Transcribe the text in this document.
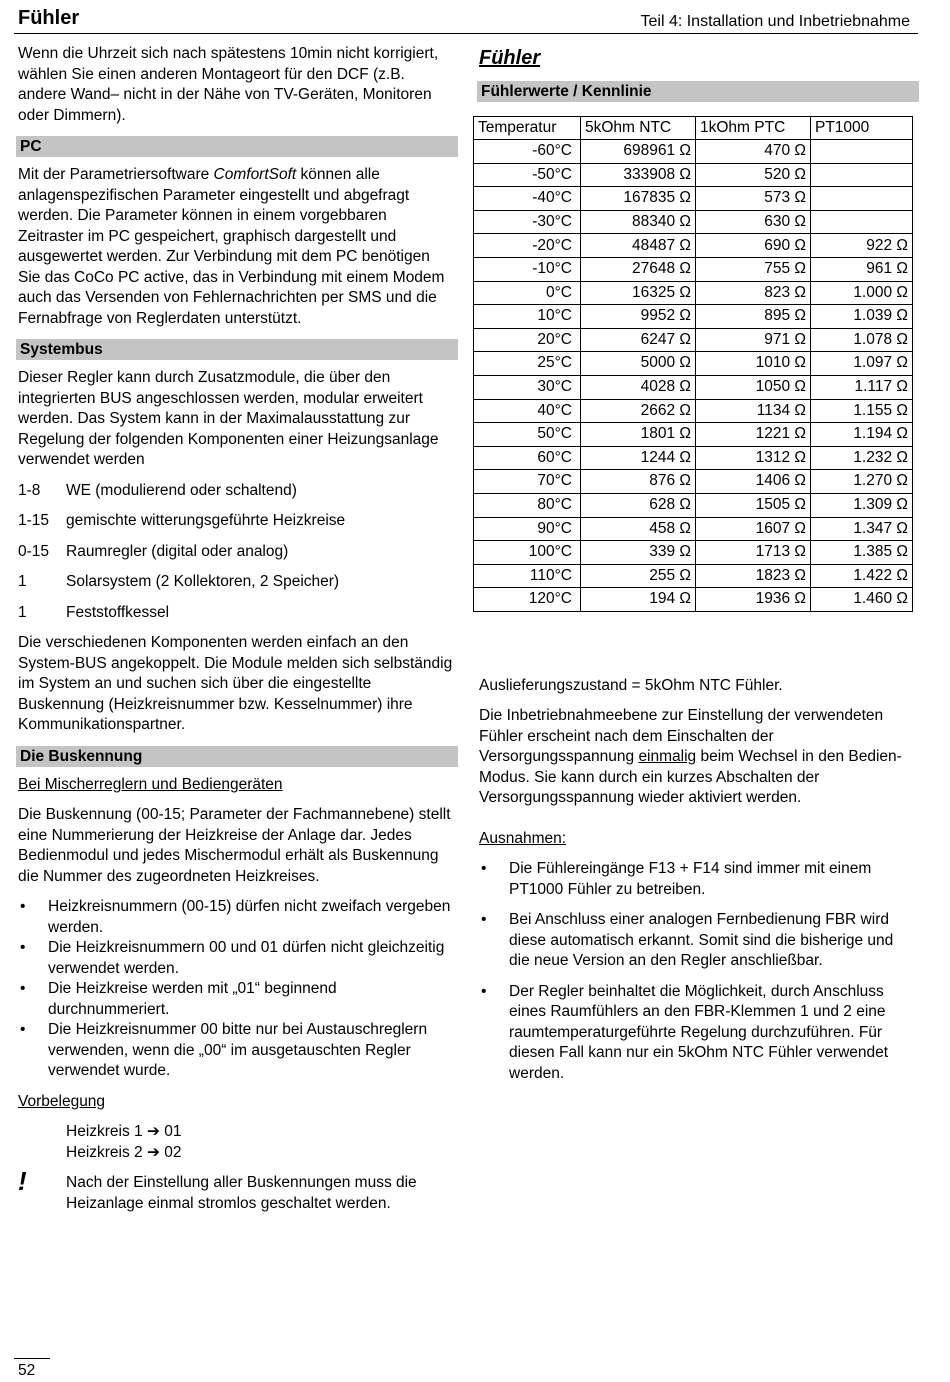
Fühler	Teil 4: Installation und Inbetriebnahme

Wenn die Uhrzeit sich nach spätestens 10min nicht korrigiert, wählen Sie einen anderen Montageort für den DCF (z.B. andere Wand– nicht in der Nähe von TV-Geräten, Monitoren oder Dimmern).

PC

Mit der Parametriersoftware ComfortSoft können alle anlagenspezifischen Parameter eingestellt und abgefragt werden. Die Parameter können in einem vorgebbaren Zeitraster im PC gespeichert, graphisch dargestellt und ausgewertet werden. Zur Verbindung mit dem PC benötigen Sie das CoCo PC active, das in Verbindung mit einem Modem auch das Versenden von Fehlernachrichten per SMS und die Fernabfrage von Reglerdaten unterstützt.

Systembus

Dieser Regler kann durch Zusatzmodule, die über den integrierten BUS angeschlossen werden, modular erweitert werden. Das System kann in der Maximalausstattung zur Regelung der folgenden Komponenten einer Heizungsanlage verwendet werden

1-8	WE (modulierend oder schaltend)
1-15	gemischte witterungsgeführte Heizkreise
0-15	Raumregler (digital oder analog)
1	Solarsystem (2 Kollektoren, 2 Speicher)
1	Feststoffkessel

Die verschiedenen Komponenten werden einfach an den System-BUS angekoppelt. Die Module melden sich selbständig im System an und suchen sich über die eingestellte Buskennung (Heizkreisnummer bzw. Kesselnummer) ihre Kommunikationspartner.

Die Buskennung

Bei Mischerreglern und Bediengeräten

Die Buskennung (00-15; Parameter der Fachmannebene) stellt eine Nummerierung der Heizkreise der Anlage dar. Jedes Bedienmodul und jedes Mischermodul erhält als Buskennung die Nummer des zugeordneten Heizkreises.

• Heizkreisnummern (00-15) dürfen nicht zweifach vergeben werden.
• Die Heizkreisnummern 00 und 01 dürfen nicht gleichzeitig verwendet werden.
• Die Heizkreise werden mit „01“ beginnend durchnummeriert.
• Die Heizkreisnummer 00 bitte nur bei Austauschreglern verwenden, wenn die „00“ im ausgetauschten Regler verwendet wurde.

Vorbelegung

Heizkreis 1 ➔ 01
Heizkreis 2 ➔ 02
!	Nach der Einstellung aller Buskennungen muss die Heizanlage einmal stromlos geschaltet werden.
Fühler
Fühlerwerte / Kennlinie
Temperatur	5kOhm NTC	1kOhm PTC	PT1000
-60°C	698961 Ω	470 Ω	
-50°C	333908 Ω	520 Ω	
-40°C	167835 Ω	573 Ω	
-30°C	88340 Ω	630 Ω	
-20°C	48487 Ω	690 Ω	922 Ω
-10°C	27648 Ω	755 Ω	961 Ω
0°C	16325 Ω	823 Ω	1.000 Ω
10°C	9952 Ω	895 Ω	1.039 Ω
20°C	6247 Ω	971 Ω	1.078 Ω
25°C	5000 Ω	1010 Ω	1.097 Ω
30°C	4028 Ω	1050 Ω	1.117 Ω
40°C	2662 Ω	1134 Ω	1.155 Ω
50°C	1801 Ω	1221 Ω	1.194 Ω
60°C	1244 Ω	1312 Ω	1.232 Ω
70°C	876 Ω	1406 Ω	1.270 Ω
80°C	628 Ω	1505 Ω	1.309 Ω
90°C	458 Ω	1607 Ω	1.347 Ω
100°C	339 Ω	1713 Ω	1.385 Ω
110°C	255 Ω	1823 Ω	1.422 Ω
120°C	194 Ω	1936 Ω	1.460 Ω

Auslieferungszustand = 5kOhm NTC Fühler.

Die Inbetriebnahmeebene zur Einstellung der verwendeten Fühler erscheint nach dem Einschalten der Versorgungsspannung einmalig beim Wechsel in den Bedien-Modus. Sie kann durch ein kurzes Abschalten der Versorgungsspannung wieder aktiviert werden.

Ausnahmen:

• Die Fühlereingänge F13 + F14 sind immer mit einem PT1000 Fühler zu betreiben.
• Bei Anschluss einer analogen Fernbedienung FBR wird diese automatisch erkannt. Somit sind die bisherige und die neue Version an den Regler anschließbar.
• Der Regler beinhaltet die Möglichkeit, durch Anschluss eines Raumfühlers an den FBR-Klemmen 1 und 2 eine raumtemperaturgeführte Regelung durchzuführen. Für diesen Fall kann nur ein 5kOhm NTC Fühler verwendet werden.
52
